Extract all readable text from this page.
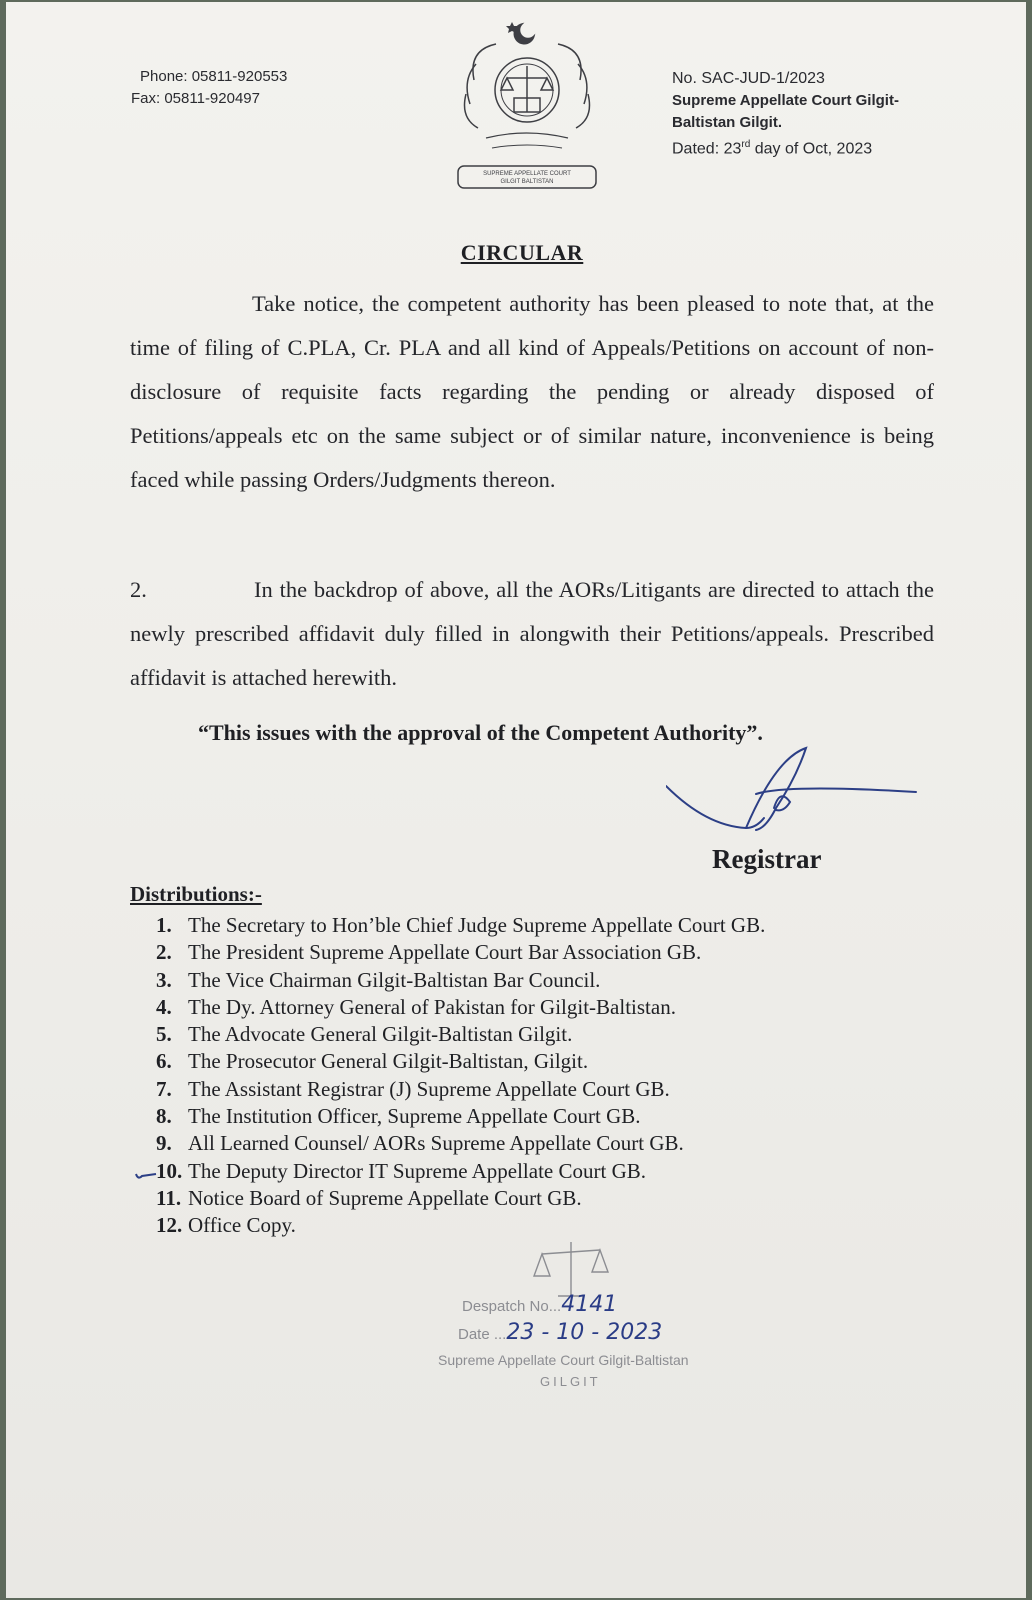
Phone: 05811-920553
Fax: 05811-920497
SUPREME APPELLATE COURT
GILGIT BALTISTAN
No. SAC-JUD-1/2023
Supreme Appellate Court Gilgit-
Baltistan Gilgit.
Dated: 23rd day of Oct, 2023
CIRCULAR
Take notice, the competent authority has been pleased to note that, at the time of filing of C.PLA, Cr. PLA and all kind of Appeals/Petitions on account of non-disclosure of requisite facts regarding the pending or already disposed of Petitions/appeals etc on the same subject or of similar nature, inconvenience is being faced while passing Orders/Judgments thereon.
2.	In the backdrop of above, all the AORs/Litigants are directed to attach the newly prescribed affidavit duly filled in alongwith their Petitions/appeals. Prescribed affidavit is attached herewith.
“This issues with the approval of the Competent Authority”.
Registrar
Distributions:-
1. The Secretary to Hon’ble Chief Judge Supreme Appellate Court GB.
2. The President Supreme Appellate Court Bar Association GB.
3. The Vice Chairman Gilgit-Baltistan Bar Council.
4. The Dy. Attorney General of Pakistan for Gilgit-Baltistan.
5. The Advocate General Gilgit-Baltistan Gilgit.
6. The Prosecutor General Gilgit-Baltistan, Gilgit.
7. The Assistant Registrar (J) Supreme Appellate Court GB.
8. The Institution Officer, Supreme Appellate Court GB.
9. All Learned Counsel/ AORs Supreme Appellate Court GB.
10. The Deputy Director IT Supreme Appellate Court GB.
11. Notice Board of Supreme Appellate Court GB.
12. Office Copy.
Despatch No...4141
Date ...23 - 10 - 2023
Supreme Appellate Court Gilgit-Baltistan
GILGIT
